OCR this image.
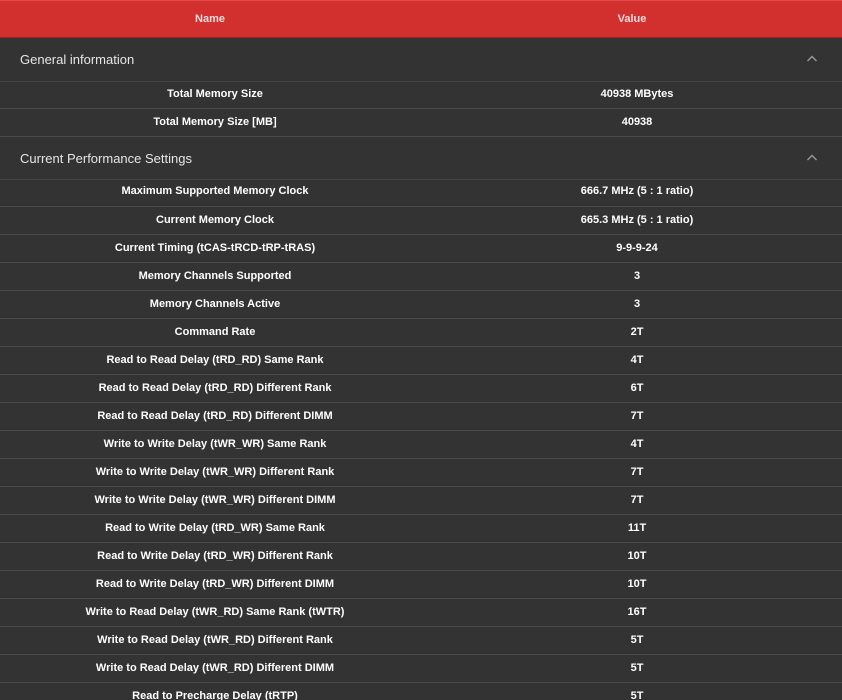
Name	Value
General information
Total Memory Size	40938 MBytes
Total Memory Size [MB]	40938
Current Performance Settings
Maximum Supported Memory Clock	666.7 MHz (5 : 1 ratio)
Current Memory Clock	665.3 MHz (5 : 1 ratio)
Current Timing (tCAS-tRCD-tRP-tRAS)	9-9-9-24
Memory Channels Supported	3
Memory Channels Active	3
Command Rate	2T
Read to Read Delay (tRD_RD) Same Rank	4T
Read to Read Delay (tRD_RD) Different Rank	6T
Read to Read Delay (tRD_RD) Different DIMM	7T
Write to Write Delay (tWR_WR) Same Rank	4T
Write to Write Delay (tWR_WR) Different Rank	7T
Write to Write Delay (tWR_WR) Different DIMM	7T
Read to Write Delay (tRD_WR) Same Rank	11T
Read to Write Delay (tRD_WR) Different Rank	10T
Read to Write Delay (tRD_WR) Different DIMM	10T
Write to Read Delay (tWR_RD) Same Rank (tWTR)	16T
Write to Read Delay (tWR_RD) Different Rank	5T
Write to Read Delay (tWR_RD) Different DIMM	5T
Read to Precharge Delay (tRTP)	5T
